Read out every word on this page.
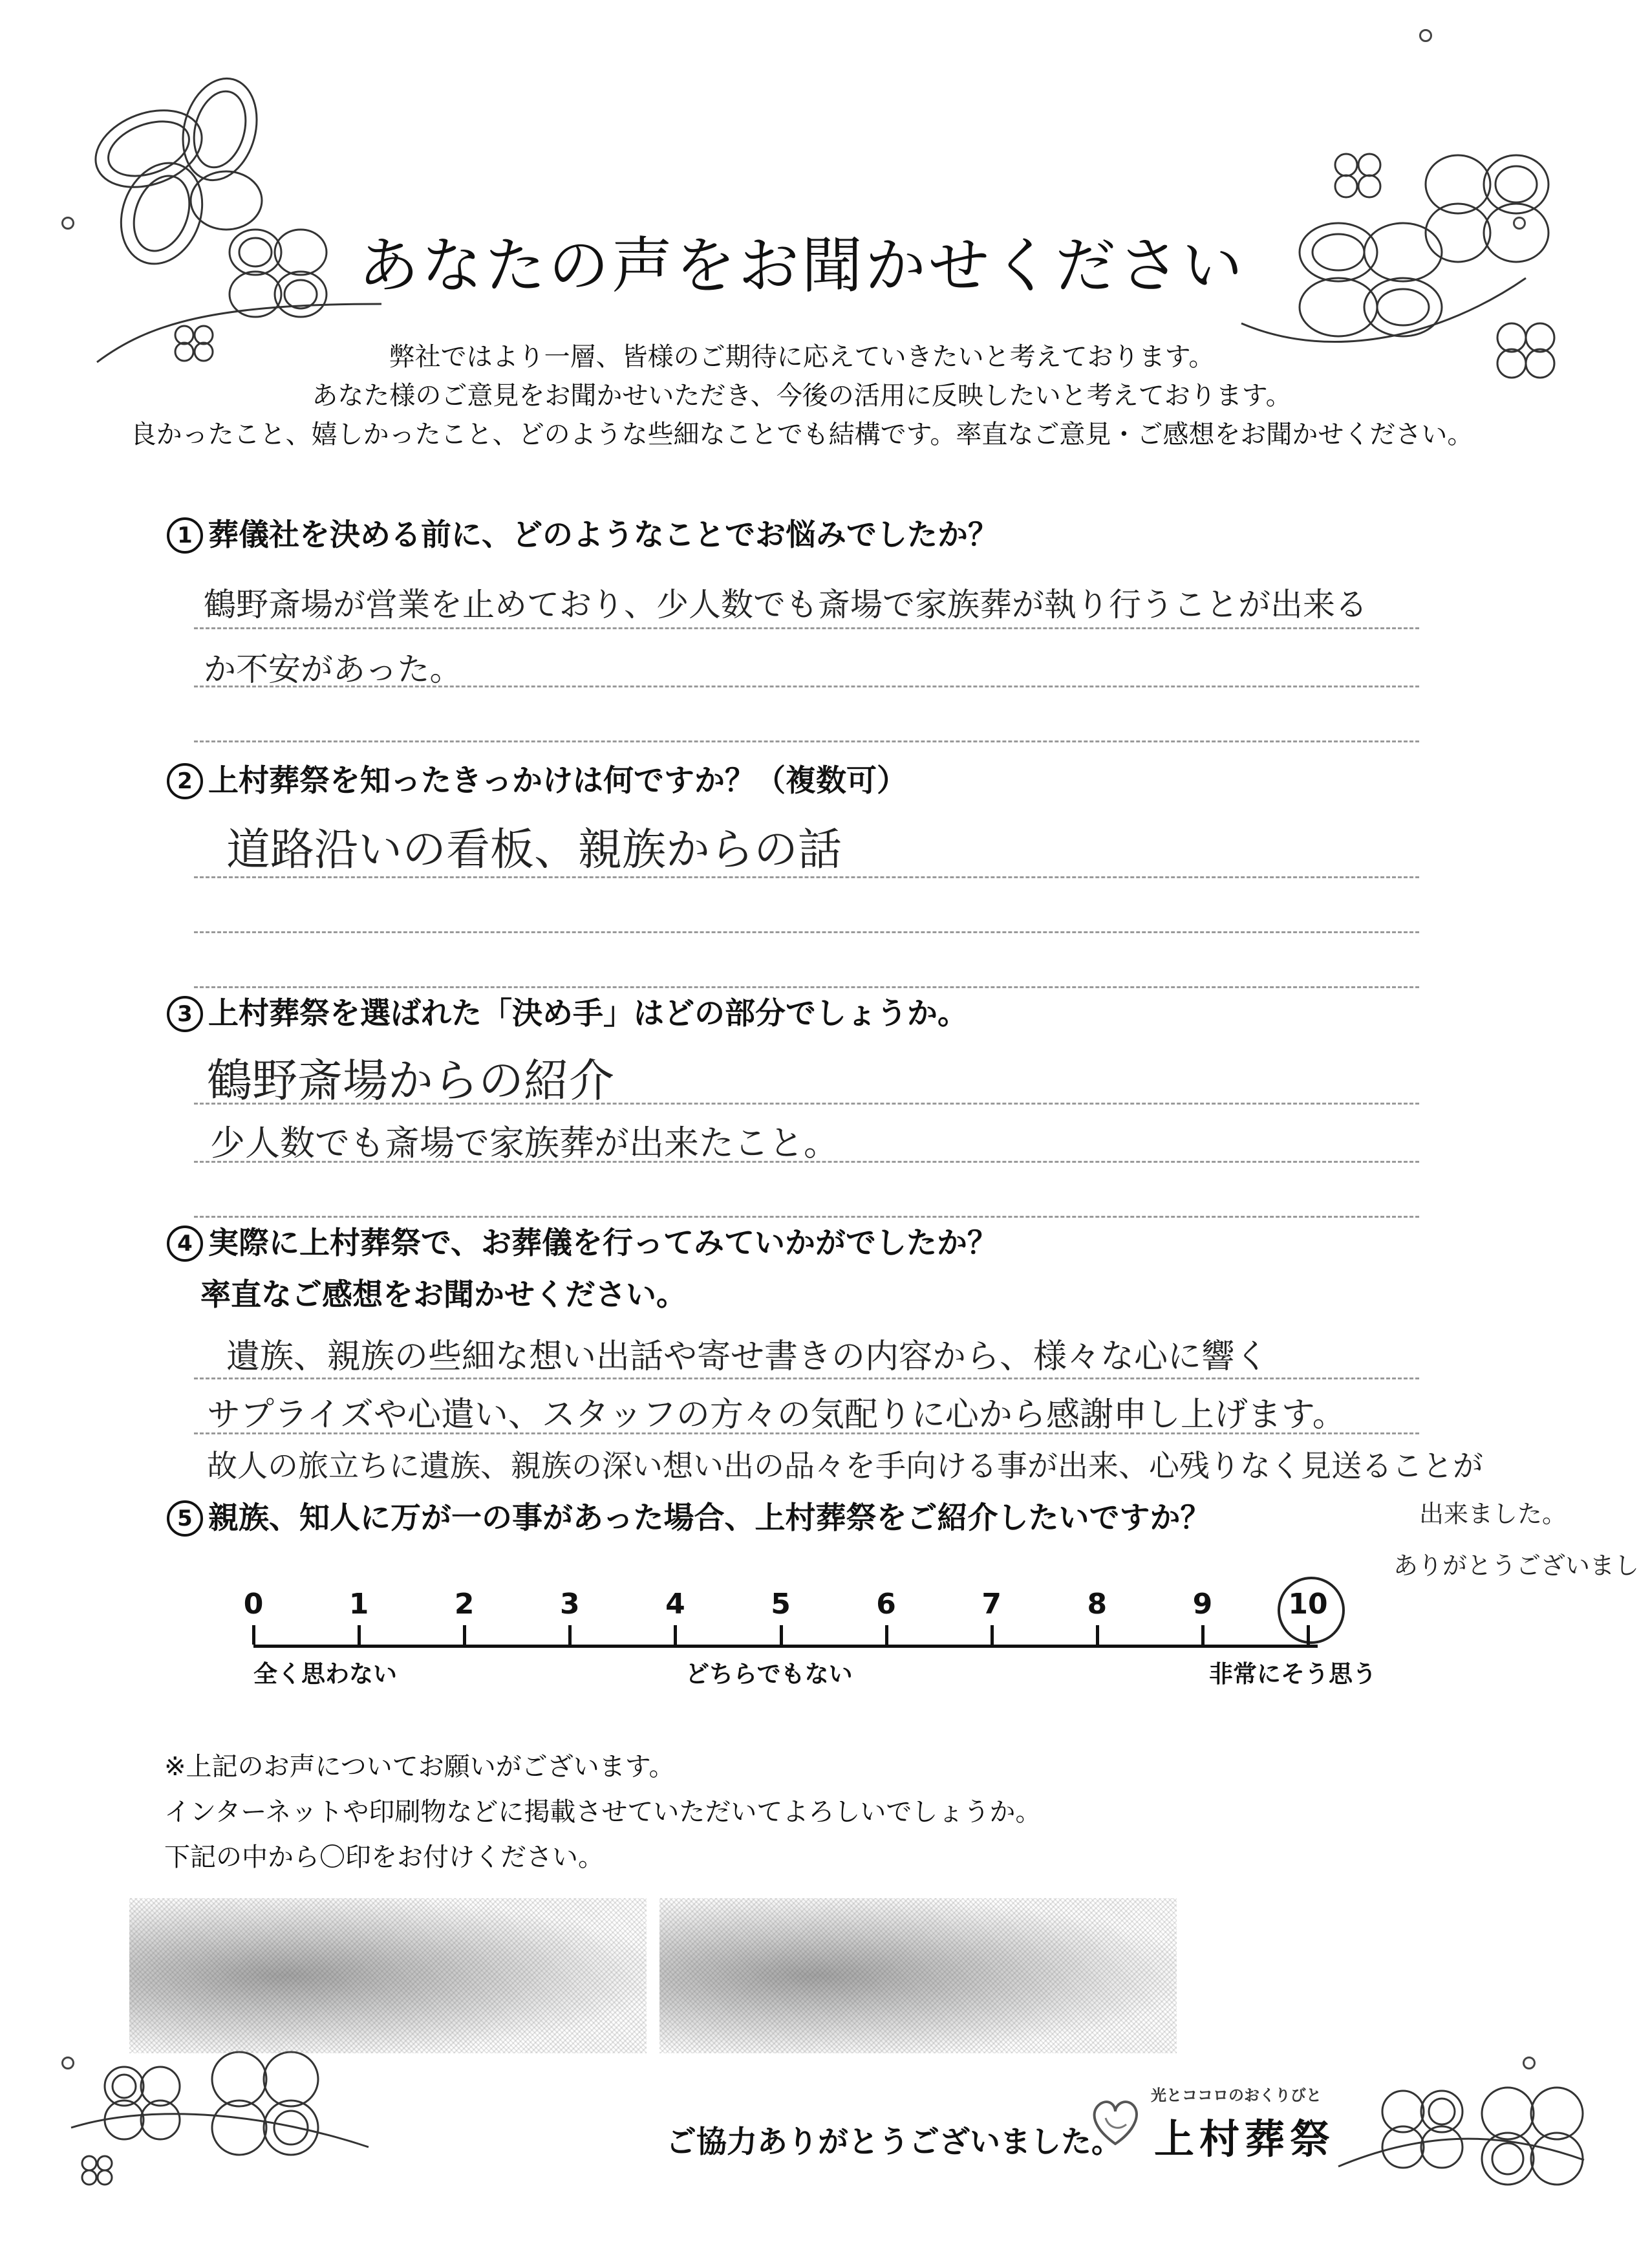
あなたの声をお聞かせください
弊社ではより一層、皆様のご期待に応えていきたいと考えております。
あなた様のご意見をお聞かせいただき、今後の活用に反映したいと考えております。
良かったこと、嬉しかったこと、どのような些細なことでも結構です。率直なご意見・ご感想をお聞かせください。
1 葬儀社を決める前に、どのようなことでお悩みでしたか？
鶴野斎場が営業を止めており、少人数でも斎場で家族葬が執り行うことが出来る
か不安があった。
2 上村葬祭を知ったきっかけは何ですか？（複数可）
道路沿いの看板、親族からの話
3 上村葬祭を選ばれた「決め手」はどの部分でしょうか。
鶴野斎場からの紹介
少人数でも斎場で家族葬が出来たこと。
4 実際に上村葬祭で、お葬儀を行ってみていかがでしたか？
率直なご感想をお聞かせください。
遺族、親族の些細な想い出話や寄せ書きの内容から、様々な心に響く
サプライズや心遣い、スタッフの方々の気配りに心から感謝申し上げます。
故人の旅立ちに遺族、親族の深い想い出の品々を手向ける事が出来、心残りなく見送ることが
出来ました。
ありがとうございまし
5 親族、知人に万が一の事があった場合、上村葬祭をご紹介したいですか？
0	1	2	3	4	5	6	7	8	9	10
全く思わない	どちらでもない	非常にそう思う
※上記のお声についてお願いがございます。
インターネットや印刷物などに掲載させていただいてよろしいでしょうか。
下記の中から〇印をお付けください。
ご協力ありがとうございました。
光とココロのおくりびと
上村葬祭
